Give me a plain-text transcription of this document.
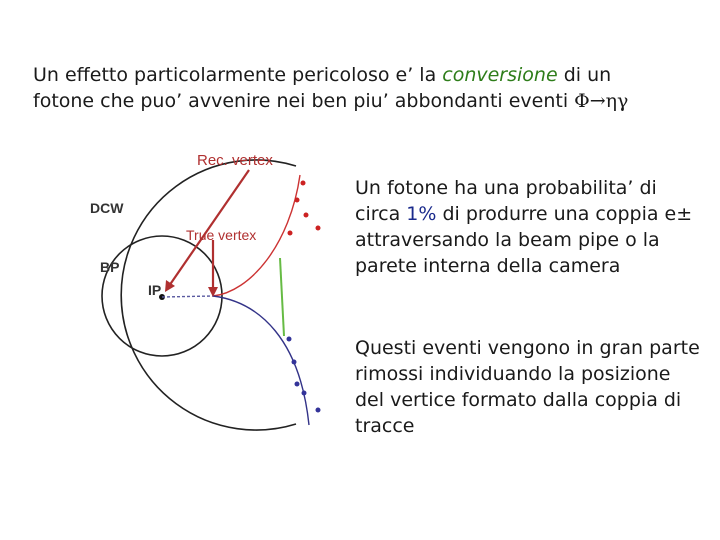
Un effetto particolarmente pericoloso e’ la conversione di un
fotone che puo’ avvenire nei ben piu’ abbondanti eventi Φ→ηγ
Rec. vertex
True vertex
DCW
BP
IP
Un fotone ha una probabilita’ di circa 1% di produrre una coppia e± attraversando la beam pipe o la parete interna della camera
Questi eventi vengono in gran parte rimossi individuando la posizione del vertice formato dalla coppia di tracce
